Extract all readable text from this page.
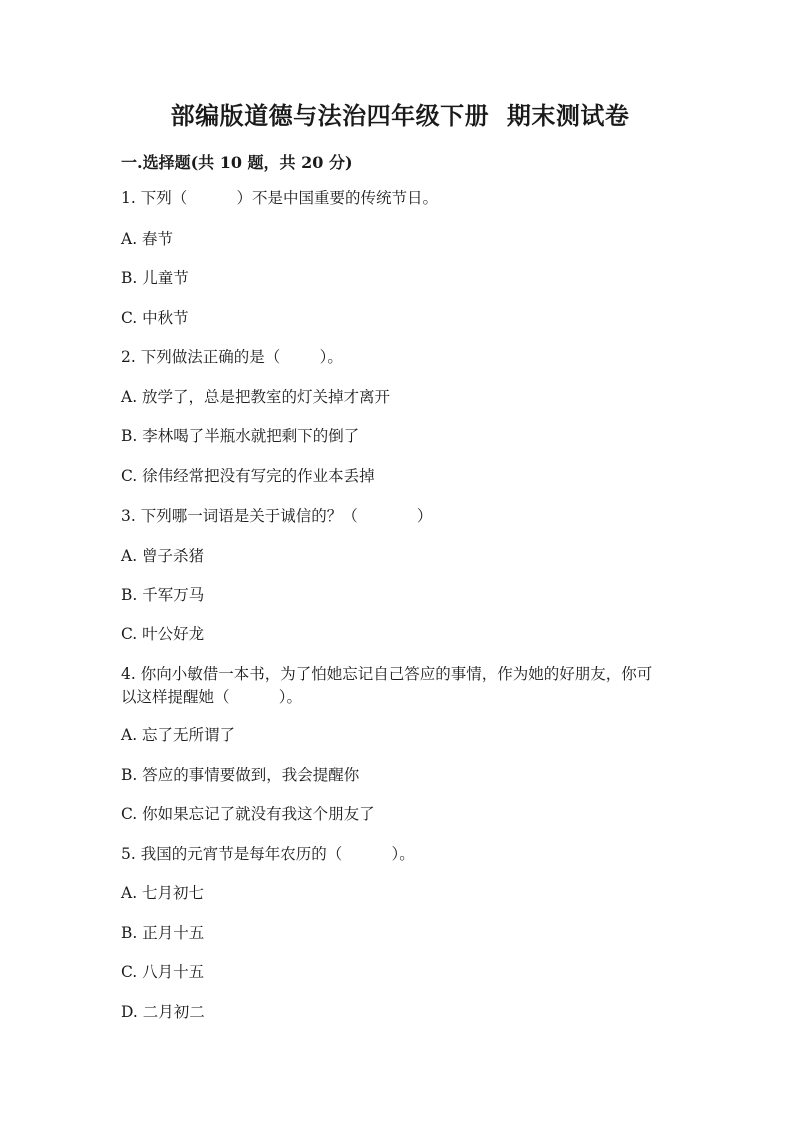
部编版道德与法治四年级下册  期末测试卷
一.选择题(共 10 题，共 20 分)
1. 下列（          ）不是中国重要的传统节日。
A. 春节
B. 儿童节
C. 中秋节
2. 下列做法正确的是（        ）。
A. 放学了，总是把教室的灯关掉才离开
B. 李林喝了半瓶水就把剩下的倒了
C. 徐伟经常把没有写完的作业本丢掉
3. 下列哪一词语是关于诚信的？（            ）
A. 曾子杀猪
B. 千军万马
C. 叶公好龙
4. 你向小敏借一本书，为了怕她忘记自己答应的事情，作为她的好朋友，你可
以这样提醒她（          ）。
A. 忘了无所谓了
B. 答应的事情要做到，我会提醒你
C. 你如果忘记了就没有我这个朋友了
5. 我国的元宵节是每年农历的（          ）。
A. 七月初七
B. 正月十五
C. 八月十五
D. 二月初二
